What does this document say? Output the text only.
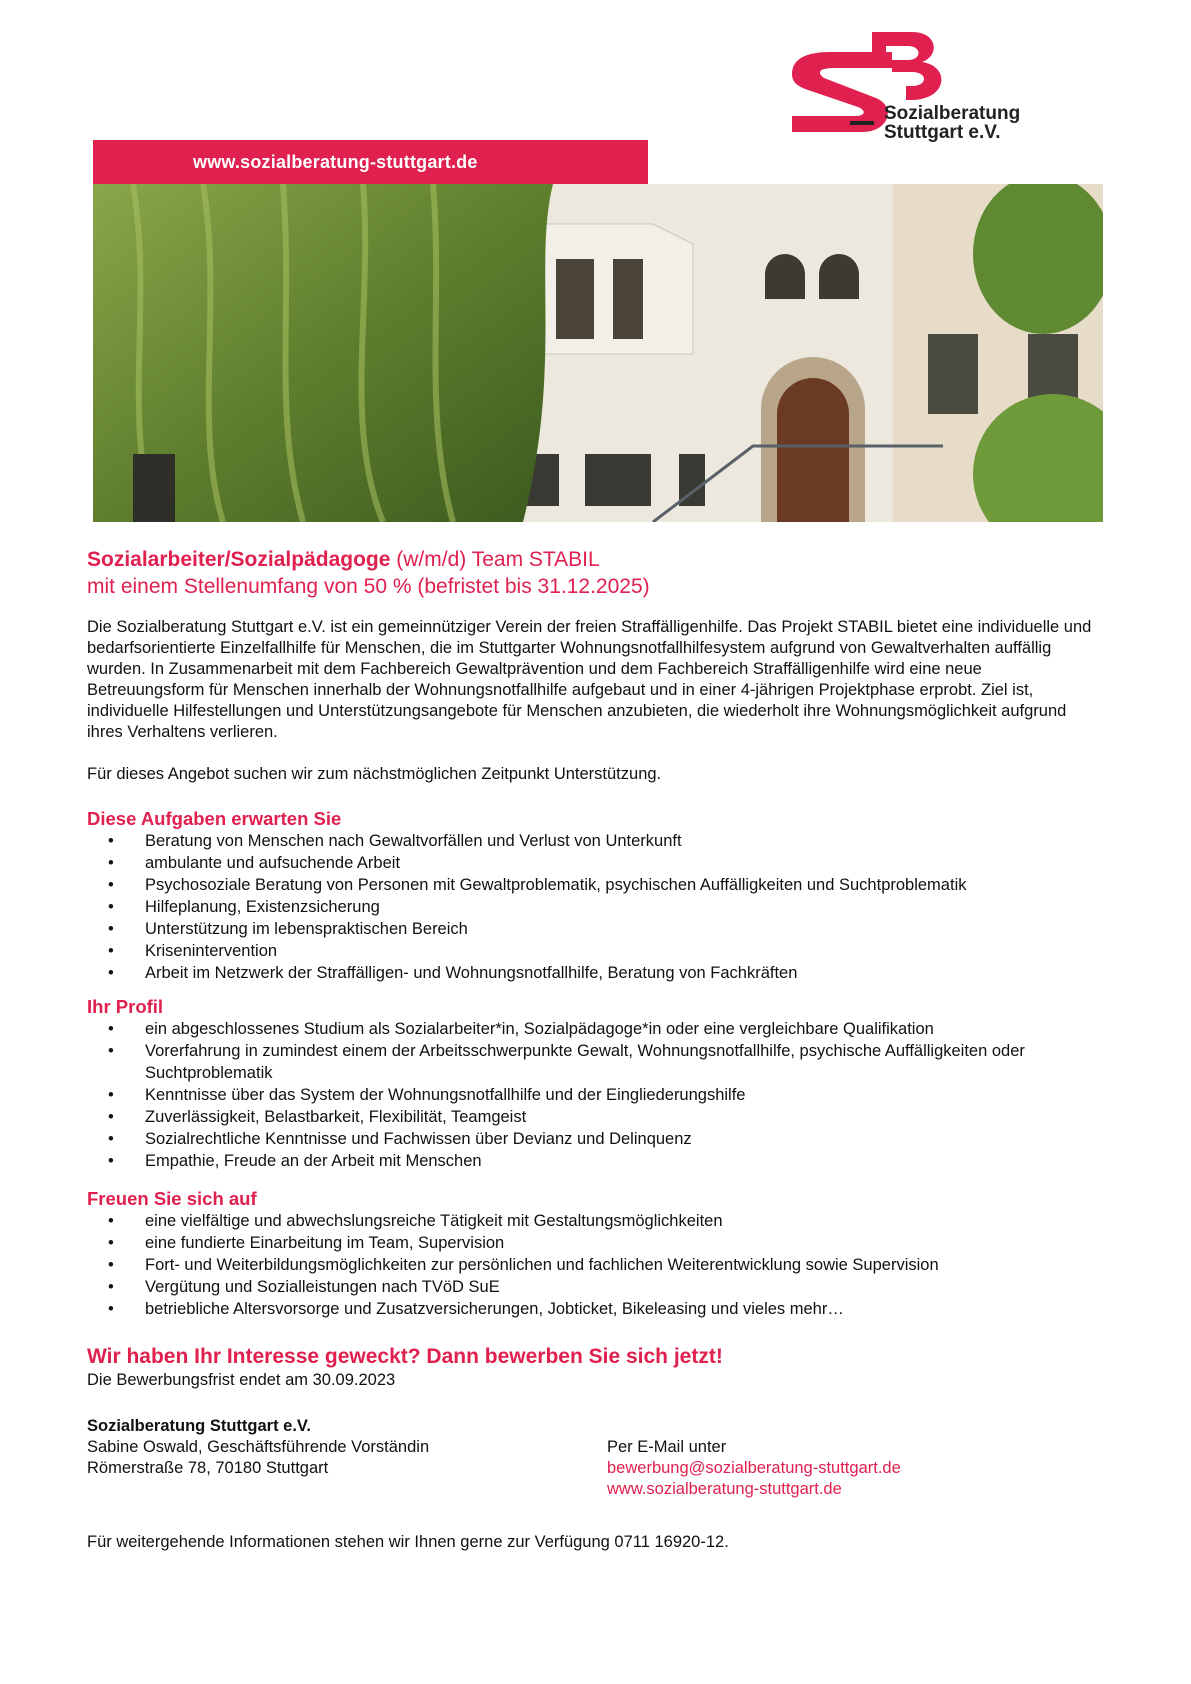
Sozialberatung
Stuttgart e.V.
www.sozialberatung-stuttgart.de
Sozialarbeiter/Sozialpädagoge (w/m/d) Team STABIL
mit einem Stellenumfang von 50 % (befristet bis 31.12.2025)

Die Sozialberatung Stuttgart e.V. ist ein gemeinnütziger Verein der freien Straffälligenhilfe. Das Projekt STABIL bietet eine individuelle und bedarfsorientierte Einzelfallhilfe für Menschen, die im Stuttgarter Wohnungsnotfallhilfesystem aufgrund von Gewaltverhalten auffällig wurden. In Zusammenarbeit mit dem Fachbereich Gewaltprävention und dem Fachbereich Straffälligenhilfe wird eine neue Betreuungsform für Menschen innerhalb der Wohnungsnotfallhilfe aufgebaut und in einer 4-jährigen Projektphase erprobt. Ziel ist, individuelle Hilfestellungen und Unterstützungsangebote für Menschen anzubieten, die wiederholt ihre Wohnungsmöglichkeit aufgrund ihres Verhaltens verlieren.

Für dieses Angebot suchen wir zum nächstmöglichen Zeitpunkt Unterstützung.

Diese Aufgaben erwarten Sie
• Beratung von Menschen nach Gewaltvorfällen und Verlust von Unterkunft
• ambulante und aufsuchende Arbeit
• Psychosoziale Beratung von Personen mit Gewaltproblematik, psychischen Auffälligkeiten und Suchtproblematik
• Hilfeplanung, Existenzsicherung
• Unterstützung im lebenspraktischen Bereich
• Krisenintervention
• Arbeit im Netzwerk der Straffälligen- und Wohnungsnotfallhilfe, Beratung von Fachkräften
Ihr Profil
• ein abgeschlossenes Studium als Sozialarbeiter*in, Sozialpädagoge*in oder eine vergleichbare Qualifikation
• Vorerfahrung in zumindest einem der Arbeitsschwerpunkte Gewalt, Wohnungsnotfallhilfe, psychische Auffälligkeiten oder Suchtproblematik
• Kenntnisse über das System der Wohnungsnotfallhilfe und der Eingliederungshilfe
• Zuverlässigkeit, Belastbarkeit, Flexibilität, Teamgeist
• Sozialrechtliche Kenntnisse und Fachwissen über Devianz und Delinquenz
• Empathie, Freude an der Arbeit mit Menschen
Freuen Sie sich auf
• eine vielfältige und abwechslungsreiche Tätigkeit mit Gestaltungsmöglichkeiten
• eine fundierte Einarbeitung im Team, Supervision
• Fort- und Weiterbildungsmöglichkeiten zur persönlichen und fachlichen Weiterentwicklung sowie Supervision
• Vergütung und Sozialleistungen nach TVöD SuE
• betriebliche Altersvorsorge und Zusatzversicherungen, Jobticket, Bikeleasing und vieles mehr…
Wir haben Ihr Interesse geweckt? Dann bewerben Sie sich jetzt!

Die Bewerbungsfrist endet am 30.09.2023

Sozialberatung Stuttgart e.V.
Sabine Oswald, Geschäftsführende Vorständin
Römerstraße 78, 70180 Stuttgart
Per E-Mail unter
bewerbung@sozialberatung-stuttgart.de
www.sozialberatung-stuttgart.de

Für weitergehende Informationen stehen wir Ihnen gerne zur Verfügung 0711 16920-12.
